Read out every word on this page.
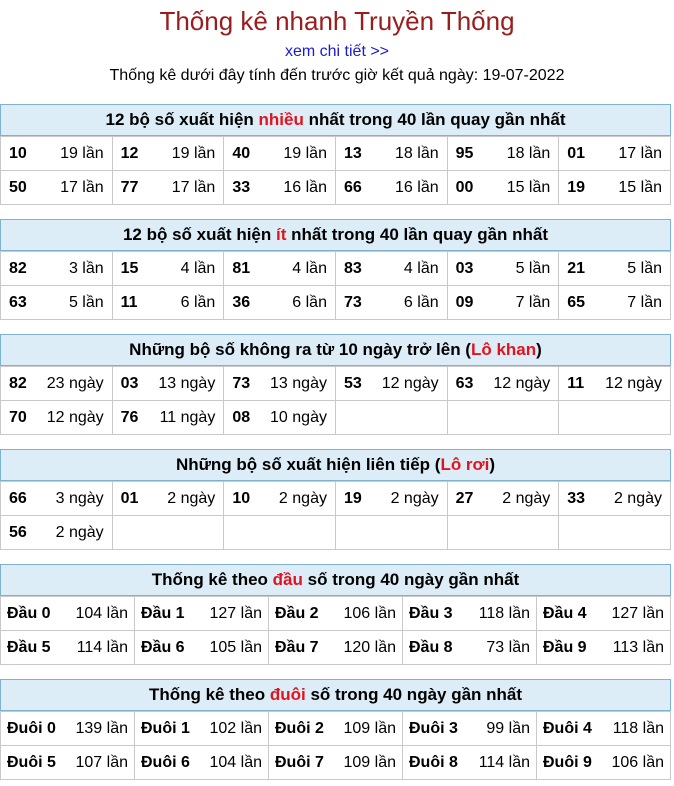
Thống kê nhanh Truyền Thống
xem chi tiết >>
Thống kê dưới đây tính đến trước giờ kết quả ngày: 19-07-2022
12 bộ số xuất hiện nhiều nhất trong 40 lần quay gần nhất
10 19 lần	12 19 lần	40 19 lần	13 18 lần	95 18 lần	01 17 lần

50 17 lần	77 17 lần	33 16 lần	66 16 lần	00 15 lần	19 15 lần
12 bộ số xuất hiện ít nhất trong 40 lần quay gần nhất
82 3 lần	15 4 lần	81 4 lần	83 4 lần	03 5 lần	21 5 lần

63 5 lần	11 6 lần	36 6 lần	73 6 lần	09 7 lần	65 7 lần
Những bộ số không ra từ 10 ngày trở lên (Lô khan)
82 23 ngày	03 13 ngày	73 13 ngày	53 12 ngày	63 12 ngày	11 12 ngày

70 12 ngày	76 11 ngày	08 10 ngày			

Những bộ số xuất hiện liên tiếp (Lô rơi)
66 3 ngày	01 2 ngày	10 2 ngày	19 2 ngày	27 2 ngày	33 2 ngày

56 2 ngày					

Thống kê theo đầu số trong 40 ngày gần nhất
Đầu 0 104 lần	Đầu 1 127 lần	Đầu 2 106 lần	Đầu 3 118 lần	Đầu 4 127 lần

Đầu 5 114 lần	Đầu 6 105 lần	Đầu 7 120 lần	Đầu 8 73 lần	Đầu 9 113 lần
Thống kê theo đuôi số trong 40 ngày gần nhất
Đuôi 0 139 lần	Đuôi 1 102 lần	Đuôi 2 109 lần	Đuôi 3 99 lần	Đuôi 4 118 lần

Đuôi 5 107 lần	Đuôi 6 104 lần	Đuôi 7 109 lần	Đuôi 8 114 lần	Đuôi 9 106 lần
